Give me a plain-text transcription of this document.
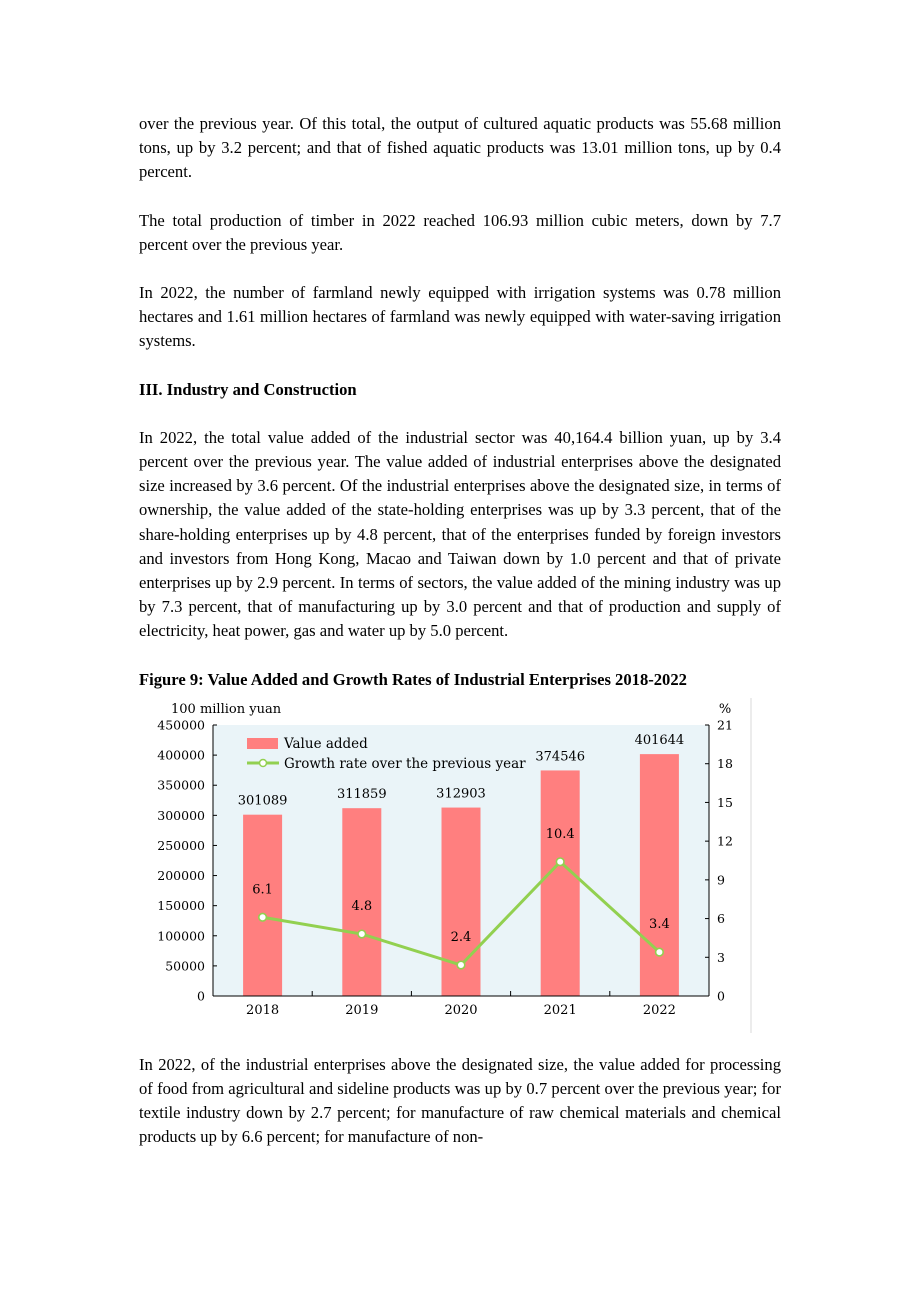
over the previous year. Of this total, the output of cultured aquatic products was 55.68 million tons, up by 3.2 percent; and that of fished aquatic products was 13.01 million tons, up by 0.4 percent.

The total production of timber in 2022 reached 106.93 million cubic meters, down by 7.7 percent over the previous year.

In 2022, the number of farmland newly equipped with irrigation systems was 0.78 million hectares and 1.61 million hectares of farmland was newly equipped with water-saving irrigation systems.

III. Industry and Construction

In 2022, the total value added of the industrial sector was 40,164.4 billion yuan, up by 3.4 percent over the previous year. The value added of industrial enterprises above the designated size increased by 3.6 percent. Of the industrial enterprises above the designated size, in terms of ownership, the value added of the state-holding enterprises was up by 3.3 percent, that of the share-holding enterprises up by 4.8 percent, that of the enterprises funded by foreign investors and investors from Hong Kong, Macao and Taiwan down by 1.0 percent and that of private enterprises up by 2.9 percent. In terms of sectors, the value added of the mining industry was up by 7.3 percent, that of manufacturing up by 3.0 percent and that of production and supply of electricity, heat power, gas and water up by 5.0 percent.

Figure 9: Value Added and Growth Rates of Industrial Enterprises 2018-2022

0
50000
100000
150000
200000
250000
300000
350000
400000
450000
0
3
6
9
12
15
18
21
2018	2019	2020	2021	2022
100 million yuan	%
Value added
Growth rate over the previous year
301089	311859	312903
374546
401644
6.1
4.8
2.4
10.4
3.4

In 2022, of the industrial enterprises above the designated size, the value added for processing of food from agricultural and sideline products was up by 0.7 percent over the previous year; for textile industry down by 2.7 percent; for manufacture of raw chemical materials and chemical products up by 6.6 percent; for manufacture of non-
